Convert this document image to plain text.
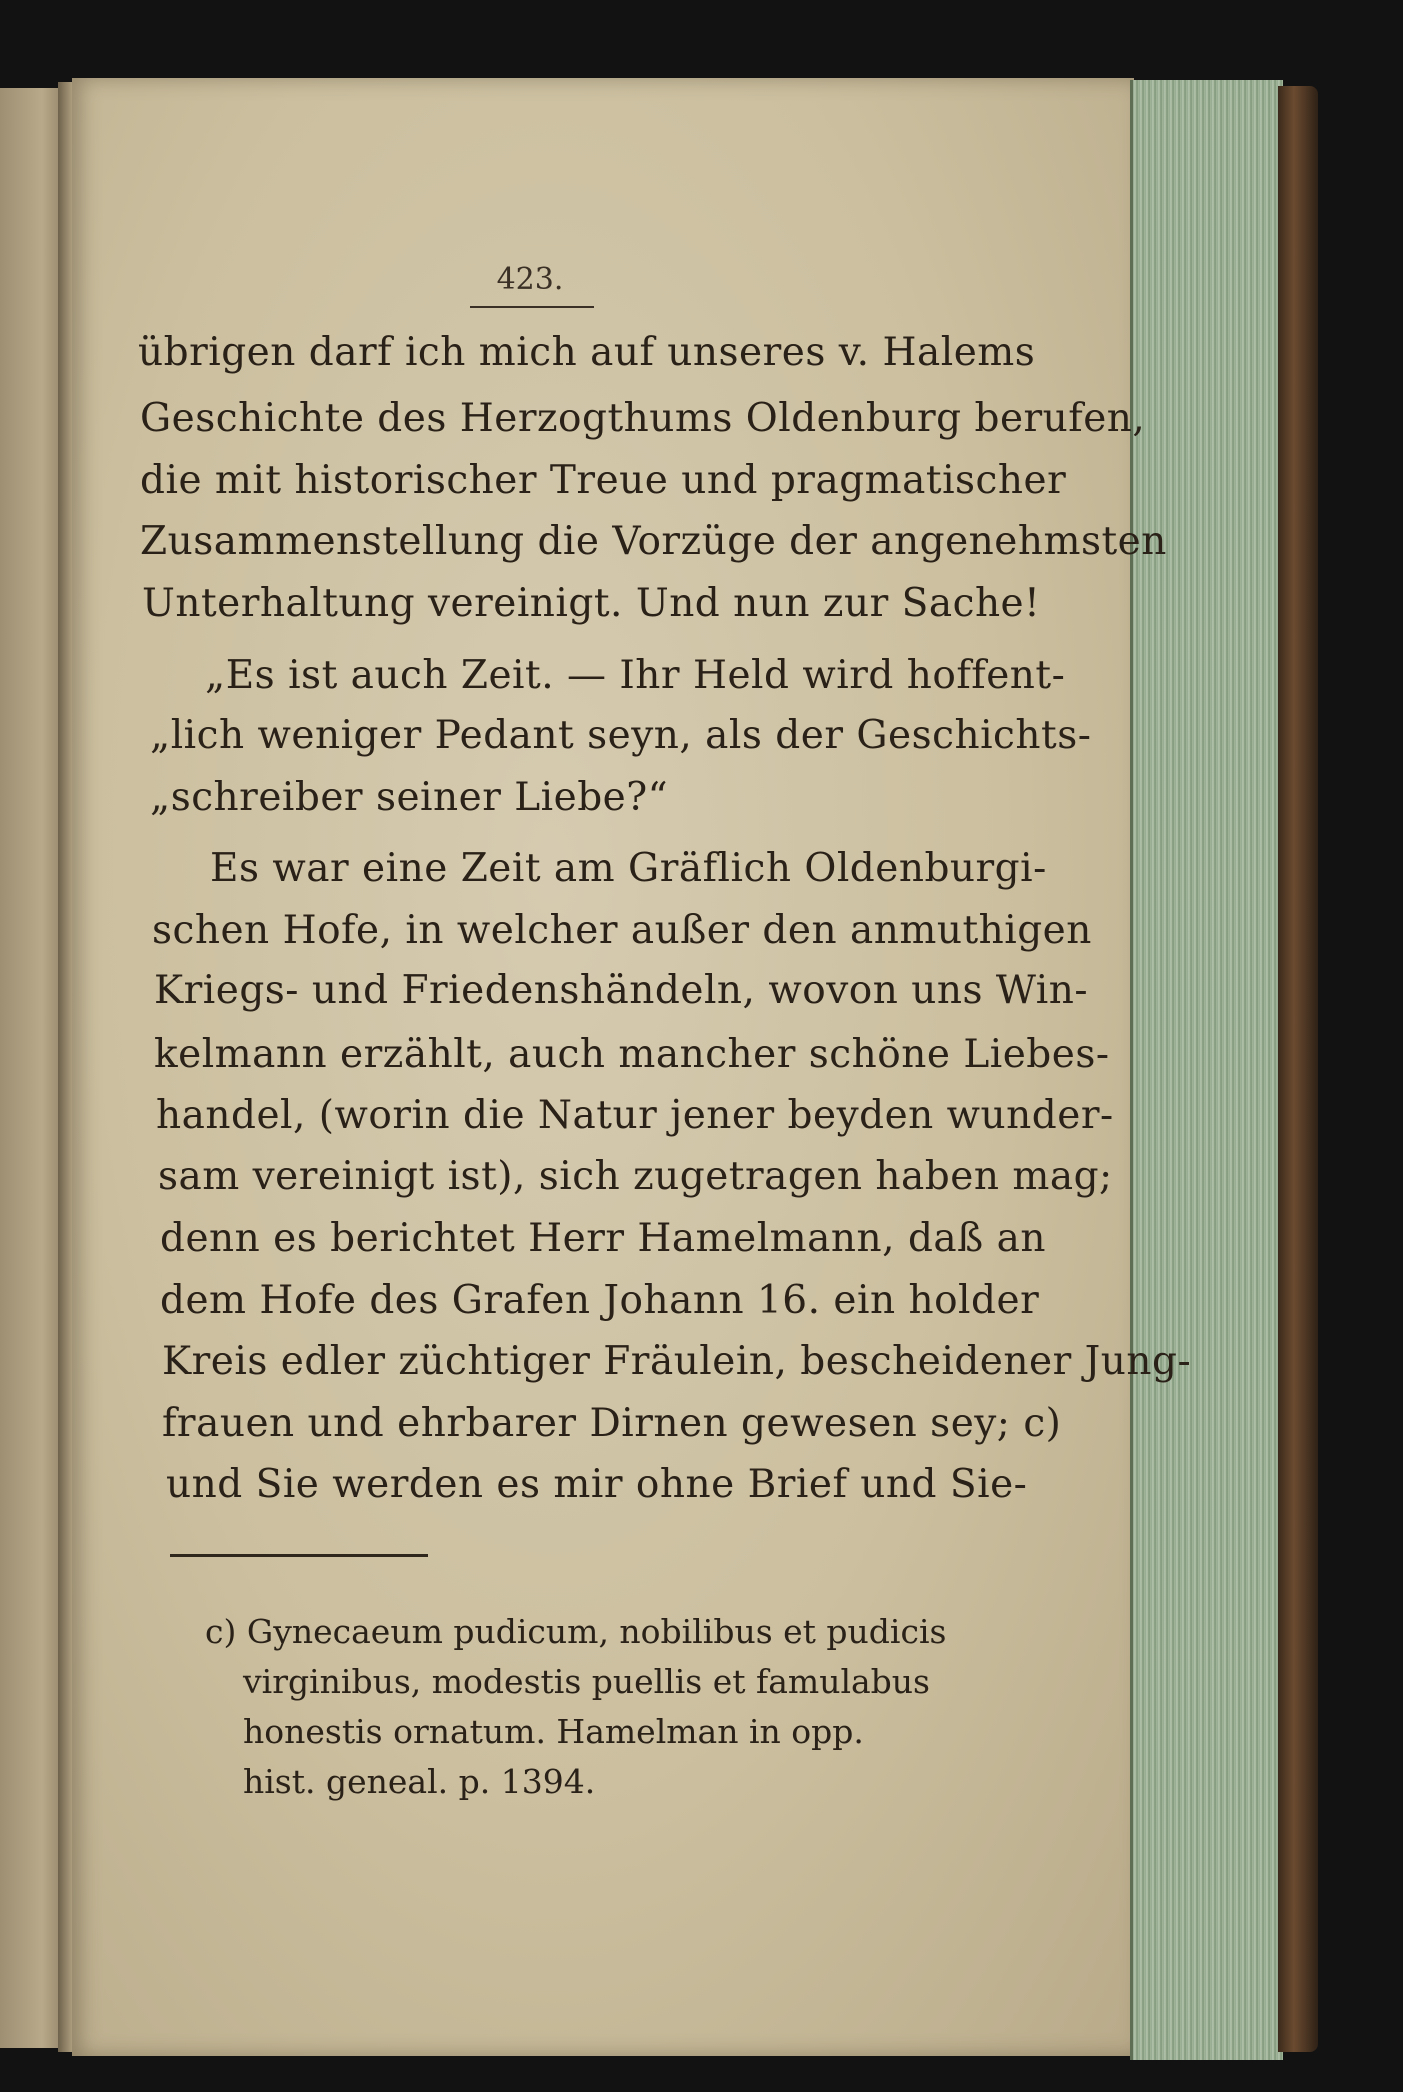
423.
übrigen darf ich mich auf unseres v. Halems
Geschichte des Herzogthums Oldenburg berufen,
die mit historischer Treue und pragmatischer
Zusammenstellung die Vorzüge der angenehmsten
Unterhaltung vereinigt. Und nun zur Sache!
„Es ist auch Zeit. — Ihr Held wird hoffent-
„lich weniger Pedant seyn, als der Geschichts-
„schreiber seiner Liebe?“
Es war eine Zeit am Gräflich Oldenburgi-
schen Hofe, in welcher außer den anmuthigen
Kriegs- und Friedenshändeln, wovon uns Win-
kelmann erzählt, auch mancher schöne Liebes-
handel, (worin die Natur jener beyden wunder-
sam vereinigt ist), sich zugetragen haben mag;
denn es berichtet Herr Hamelmann, daß an
dem Hofe des Grafen Johann 16. ein holder
Kreis edler züchtiger Fräulein, bescheidener Jung-
frauen und ehrbarer Dirnen gewesen sey; c)
und Sie werden es mir ohne Brief und Sie-
c) Gynecaeum pudicum, nobilibus et pudicis
virginibus, modestis puellis et famulabus
honestis ornatum. Hamelman in opp.
hist. geneal. p. 1394.
